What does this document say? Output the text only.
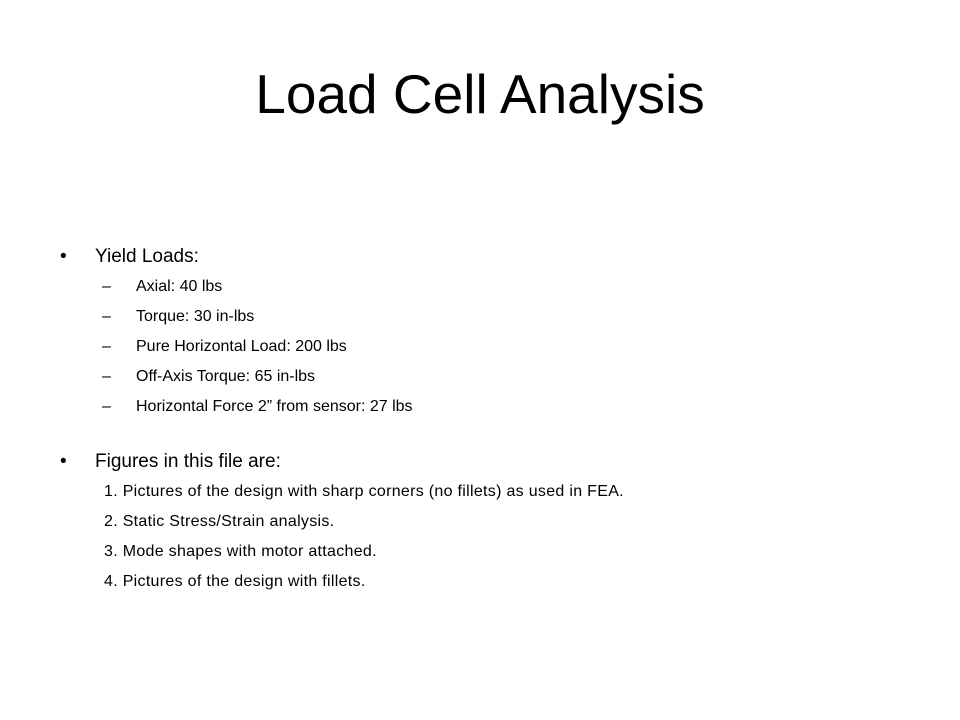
Load Cell Analysis
• Yield Loads:
– Axial: 40 lbs
– Torque: 30 in-lbs
– Pure Horizontal Load: 200 lbs
– Off-Axis Torque: 65 in-lbs
– Horizontal Force 2” from sensor: 27 lbs
• Figures in this file are:
1. Pictures of the design with sharp corners (no fillets) as used in FEA.
2. Static Stress/Strain analysis.
3. Mode shapes with motor attached.
4. Pictures of the design with fillets.
